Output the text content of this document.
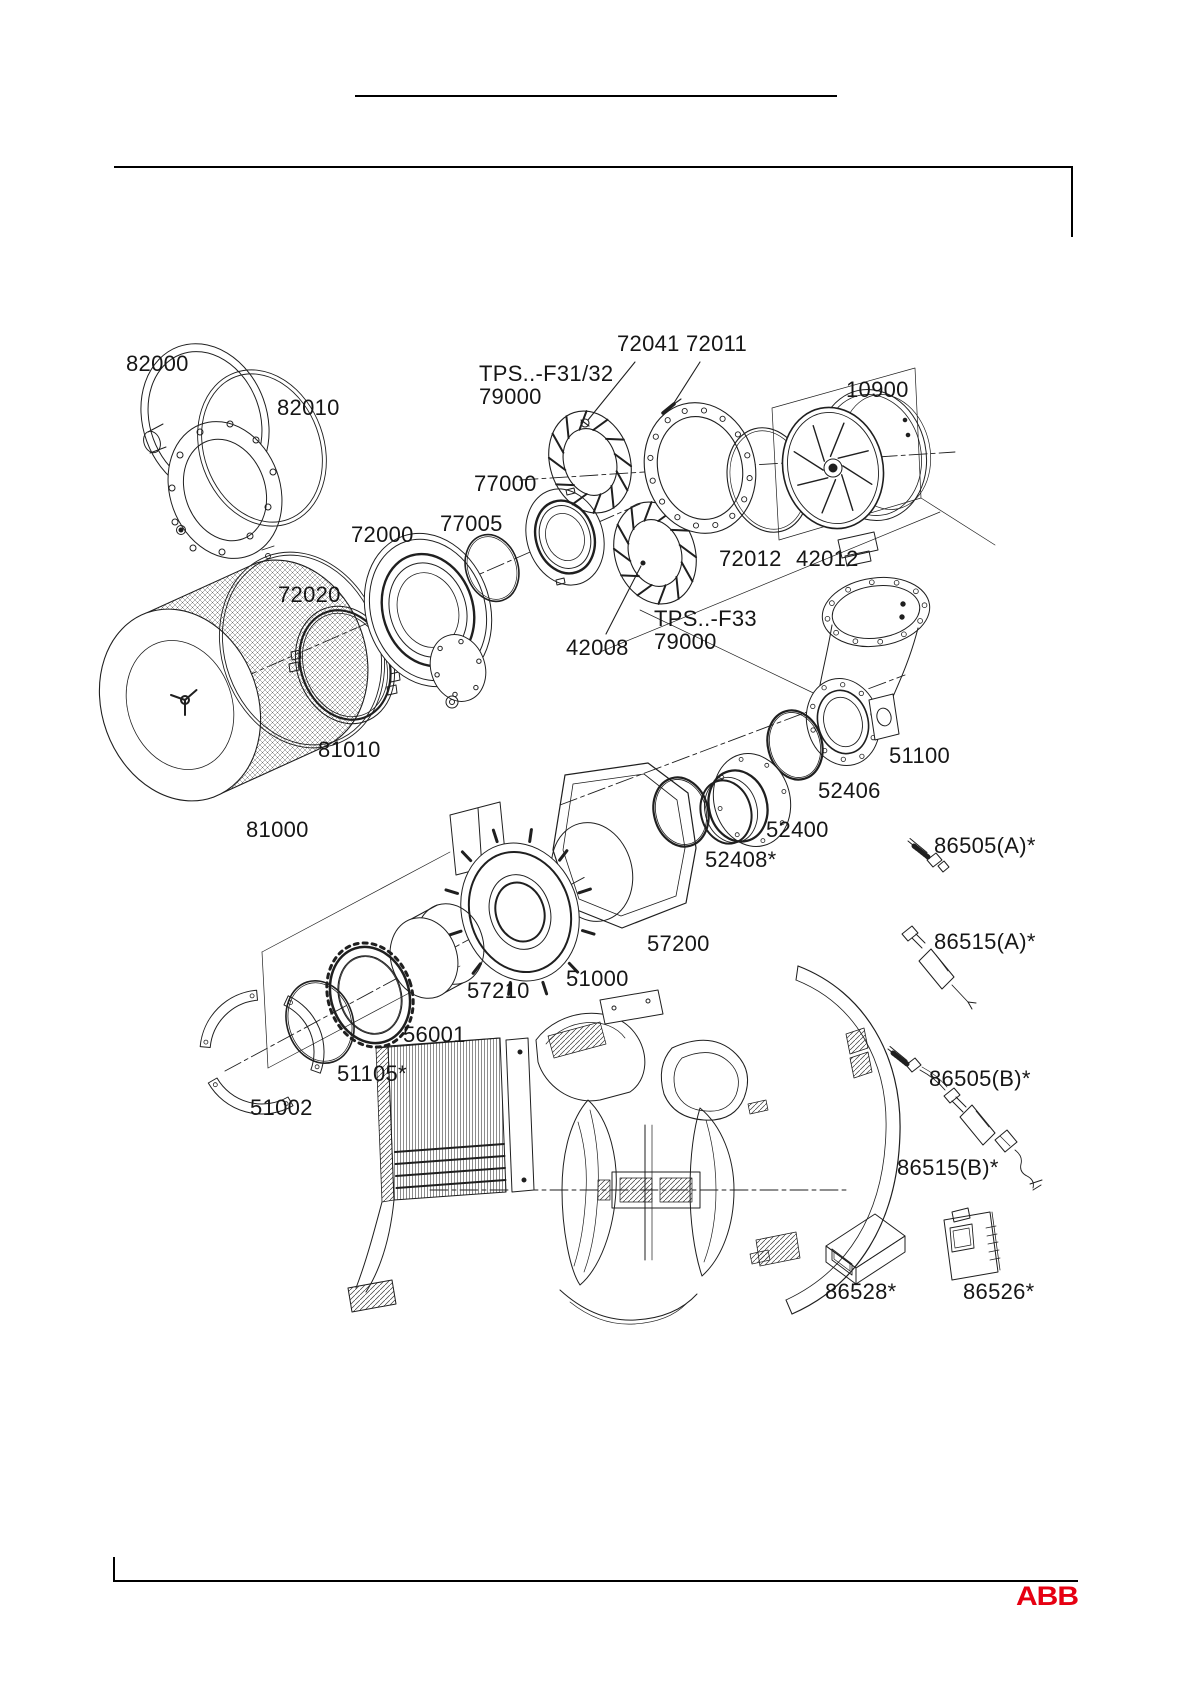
82000
82010
TPS..-F31/32
79000
72041 72011
10900
77000
77005
72000
72020
72012 42012
42008
TPS..-F33
79000
81010
81000
51100
52406
52400
52408*
86505(A)*
86515(A)*
57200
51000
57210
56001
51105*
51002
86505(B)*
86515(B)*
86528*	86526*
ABB
